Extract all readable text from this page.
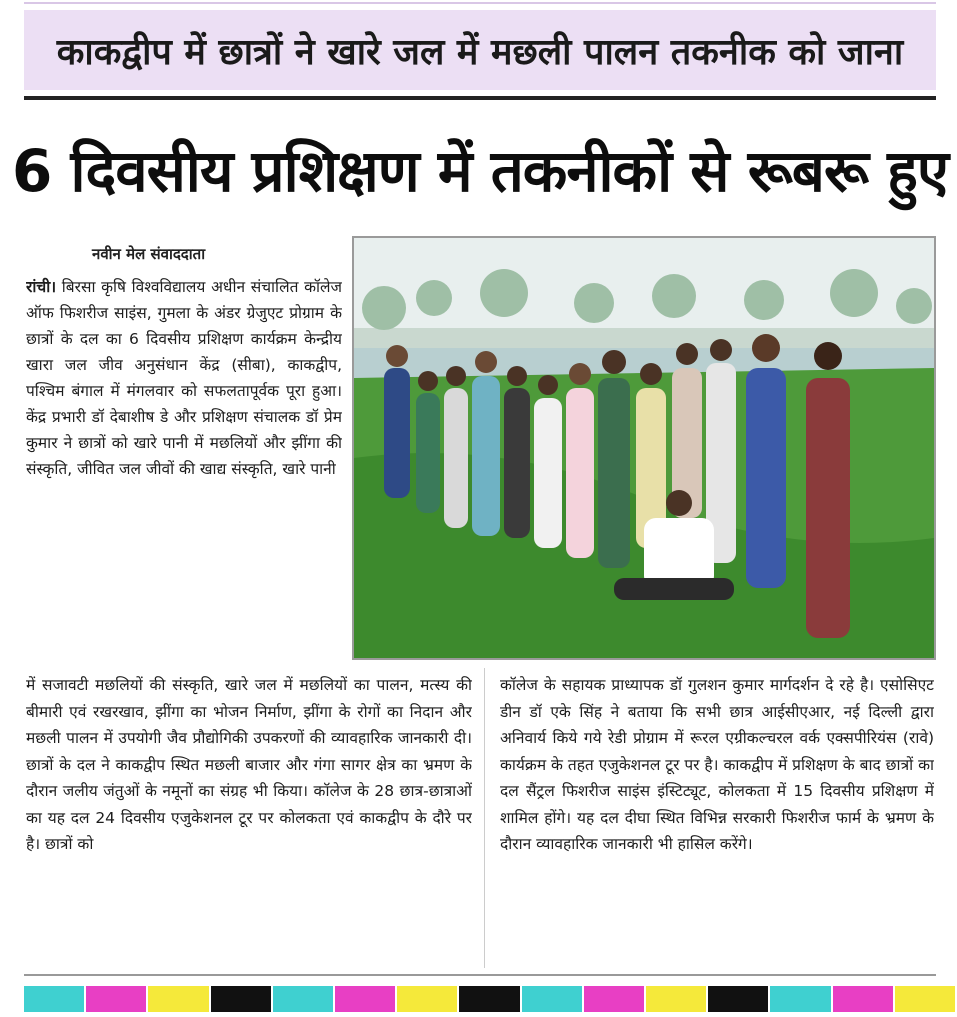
काकद्वीप में छात्रों ने खारे जल में मछली पालन तकनीक को जाना
6 दिवसीय प्रशिक्षण में तकनीकों से रूबरू हुए
नवीन मेल संवाददाता
रांची। बिरसा कृषि विश्वविद्यालय अधीन संचालित कॉलेज ऑफ फिशरीज साइंस, गुमला के अंडर ग्रेजुएट प्रोग्राम के छात्रों के दल का 6 दिवसीय प्रशिक्षण कार्यक्रम केन्द्रीय खारा जल जीव अनुसंधान केंद्र (सीबा), काकद्वीप, पश्चिम बंगाल में मंगलवार को सफलतापूर्वक पूरा हुआ। केंद्र प्रभारी डॉ देबाशीष डे और प्रशिक्षण संचालक डॉ प्रेम कुमार ने छात्रों को खारे पानी में मछलियों और झींगा की संस्कृति, जीवित जल जीवों की खाद्य संस्कृति, खारे पानी
में सजावटी मछलियों की संस्कृति, खारे जल में मछलियों का पालन, मत्स्य की बीमारी एवं रखरखाव, झींगा का भोजन निर्माण, झींगा के रोगों का निदान और मछली पालन में उपयोगी जैव प्रौद्योगिकी उपकरणों की व्यावहारिक जानकारी दी। छात्रों के दल ने काकद्वीप स्थित मछली बाजार और गंगा सागर क्षेत्र का भ्रमण के दौरान जलीय जंतुओं के नमूनों का संग्रह भी किया। कॉलेज के 28 छात्र-छात्राओं का यह दल 24 दिवसीय एजुकेशनल टूर पर कोलकता एवं काकद्वीप के दौरे पर है। छात्रों को
कॉलेज के सहायक प्राध्यापक डॉ गुलशन कुमार मार्गदर्शन दे रहे है। एसोसिएट डीन डॉ एके सिंह ने बताया कि सभी छात्र आईसीएआर, नई दिल्ली द्वारा अनिवार्य किये गये रेडी प्रोग्राम में रूरल एग्रीकल्चरल वर्क एक्सपीरियंस (रावे) कार्यक्रम के तहत एजुकेशनल टूर पर है। काकद्वीप में प्रशिक्षण के बाद छात्रों का दल सैंट्रल फिशरीज साइंस इंस्टिट्यूट, कोलकता में 15 दिवसीय प्रशिक्षण में शामिल होंगे। यह दल दीघा स्थित विभिन्न सरकारी फिशरीज फार्म के भ्रमण के दौरान व्यावहारिक जानकारी भी हासिल करेंगे।
